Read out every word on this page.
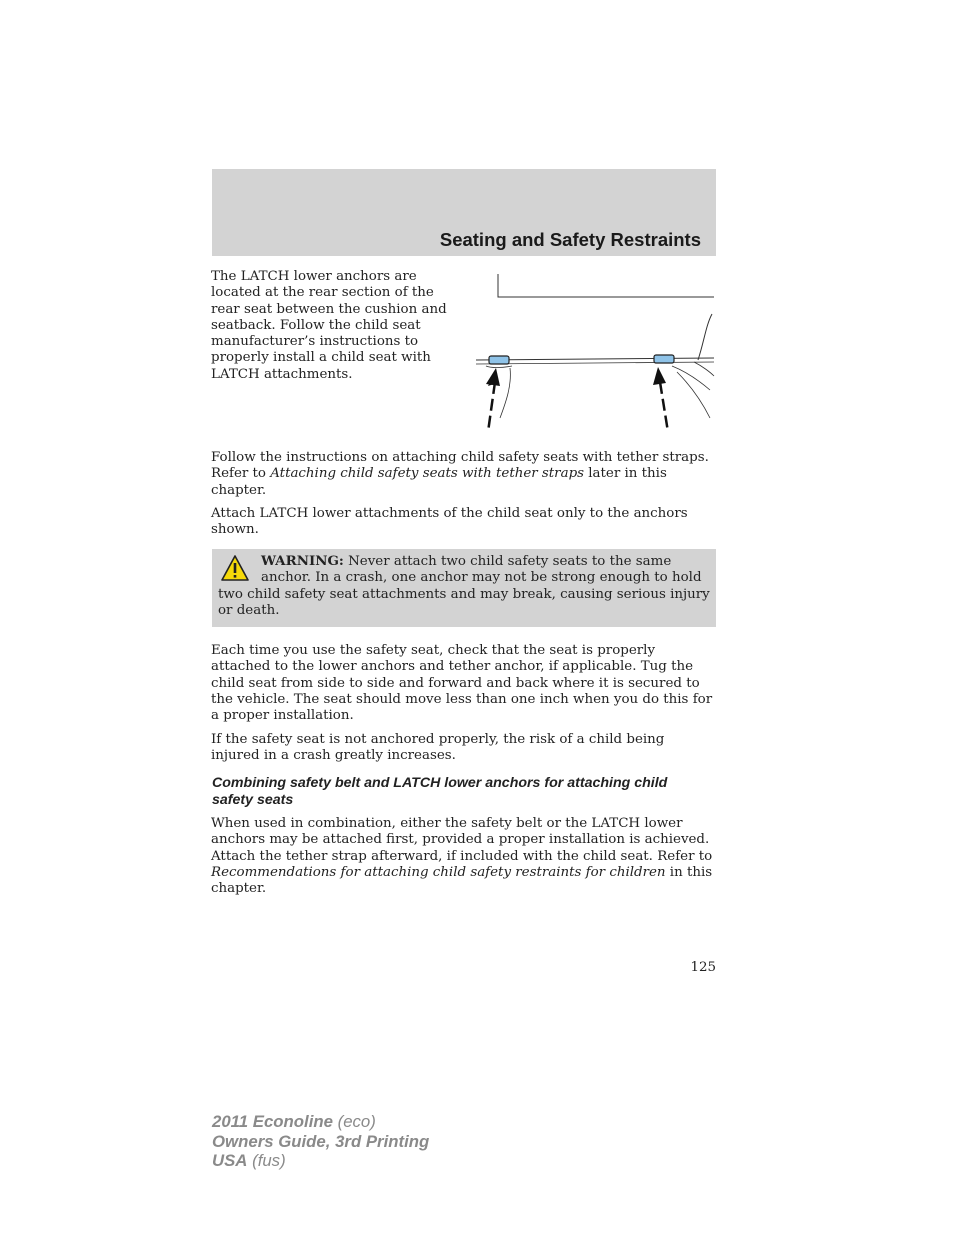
Seating and Safety Restraints

The LATCH lower anchors are located at the rear section of the rear seat between the cushion and seatback. Follow the child seat manufacturer’s instructions to properly install a child seat with LATCH attachments.

Follow the instructions on attaching child safety seats with tether straps. Refer to Attaching child safety seats with tether straps later in this chapter.

Attach LATCH lower attachments of the child seat only to the anchors shown.

WARNING: Never attach two child safety seats to the same anchor. In a crash, one anchor may not be strong enough to hold two child safety seat attachments and may break, causing serious injury or death.

Each time you use the safety seat, check that the seat is properly attached to the lower anchors and tether anchor, if applicable. Tug the child seat from side to side and forward and back where it is secured to the vehicle. The seat should move less than one inch when you do this for a proper installation.

If the safety seat is not anchored properly, the risk of a child being injured in a crash greatly increases.

Combining safety belt and LATCH lower anchors for attaching child safety seats

When used in combination, either the safety belt or the LATCH lower anchors may be attached first, provided a proper installation is achieved. Attach the tether strap afterward, if included with the child seat. Refer to Recommendations for attaching child safety restraints for children in this chapter.

125
2011 Econoline (eco)
Owners Guide, 3rd Printing
USA (fus)
